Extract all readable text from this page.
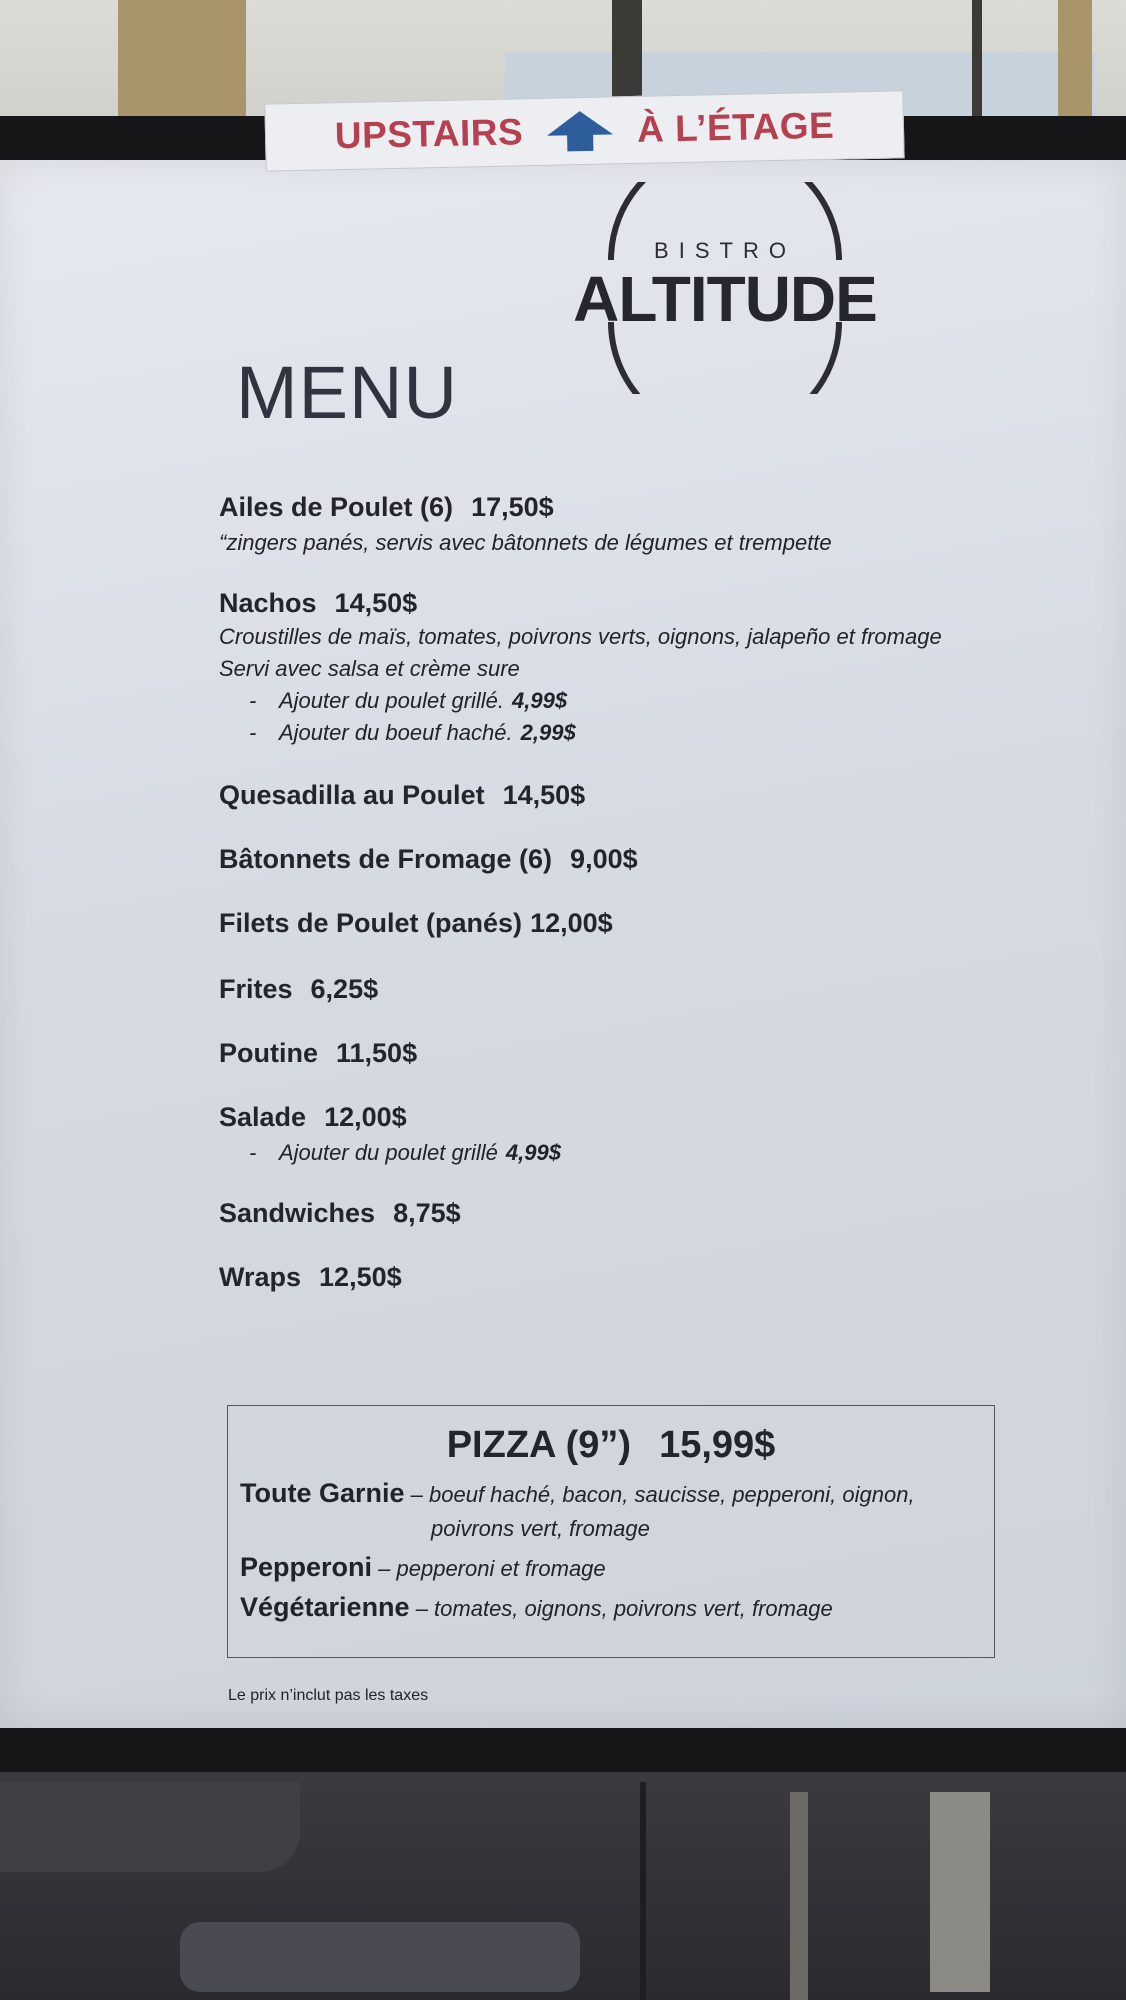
UPSTAIRS	À L’ÉTAGE
BISTRO
ALTITUDE
MENU
Ailes de Poulet (6) 17,50$
“zingers panés, servis avec bâtonnets de légumes et trempette
Nachos 14,50$
Croustilles de maïs, tomates, poivrons verts, oignons, jalapeño et fromage
Servi avec salsa et crème sure
- Ajouter du poulet grillé. 4,99$
- Ajouter du boeuf haché. 2,99$
Quesadilla au Poulet 14,50$
Bâtonnets de Fromage (6) 9,00$
Filets de Poulet (panés) 12,00$
Frites 6,25$
Poutine 11,50$
Salade 12,00$
- Ajouter du poulet grillé 4,99$
Sandwiches 8,75$
Wraps 12,50$
PIZZA (9”) 15,99$
Toute Garnie – boeuf haché, bacon, saucisse, pepperoni, oignon,
poivrons vert, fromage
Pepperoni – pepperoni et fromage
Végétarienne – tomates, oignons, poivrons vert, fromage
Le prix n’inclut pas les taxes
